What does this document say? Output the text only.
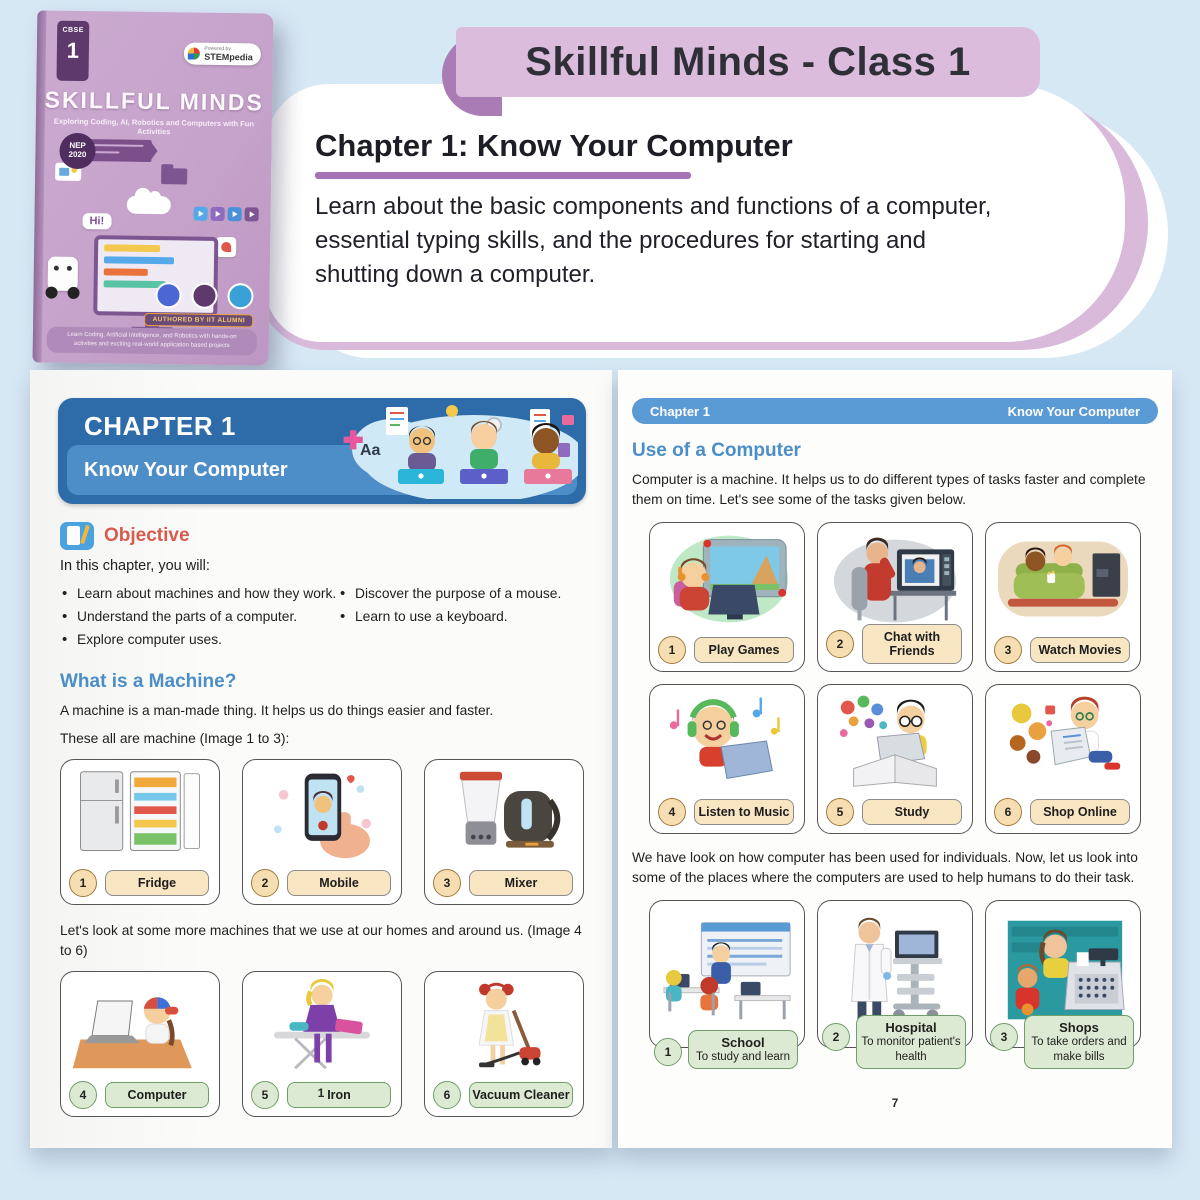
Skillful Minds - Class 1
Chapter 1: Know Your Computer
Learn about the basic components and functions of a computer, essential typing skills, and the procedures for starting and shutting down a computer.
CBSE
1	Powered by
STEMpedia
SKILLFUL MINDS
Exploring Coding, AI, Robotics and Computers with Fun Activities
NEP
2020
Hi!
AUTHORED BY IIT ALUMNI
Learn Coding, Artificial Intelligence, and Robotics with hands-on activities and exciting real-world application based projects
CHAPTER 1
Know Your Computer
Aa
Objective
In this chapter, you will:
• Learn about machines and how they work.
• Understand the parts of a computer.
• Explore computer uses.
• Discover the purpose of a mouse.
• Learn to use a keyboard.
What is a Machine?
A machine is a man-made thing. It helps us do things easier and faster.
These all are machine (Image 1 to 3):
1	Fridge	2	Mobile	3	Mixer
Let's look at some more machines that we use at our homes and around us. (Image 4 to 6)
4	Computer	5	Iron	6	Vacuum Cleaner
1
Chapter 1	Know Your Computer
Use of a Computer
Computer is a machine. It helps us to do different types of tasks faster and complete them on time. Let's see some of the tasks given below.
1	Play Games	2	Chat with Friends	3	Watch Movies
4	Listen to Music	5	Study	6	Shop Online
We have look on how computer has been used for individuals. Now, let us look into some of the places where the computers are used to help humans to do their task.
1
School
To study and learn
2
Hospital
To monitor patient's health
3
Shops
To take orders and make bills
7
